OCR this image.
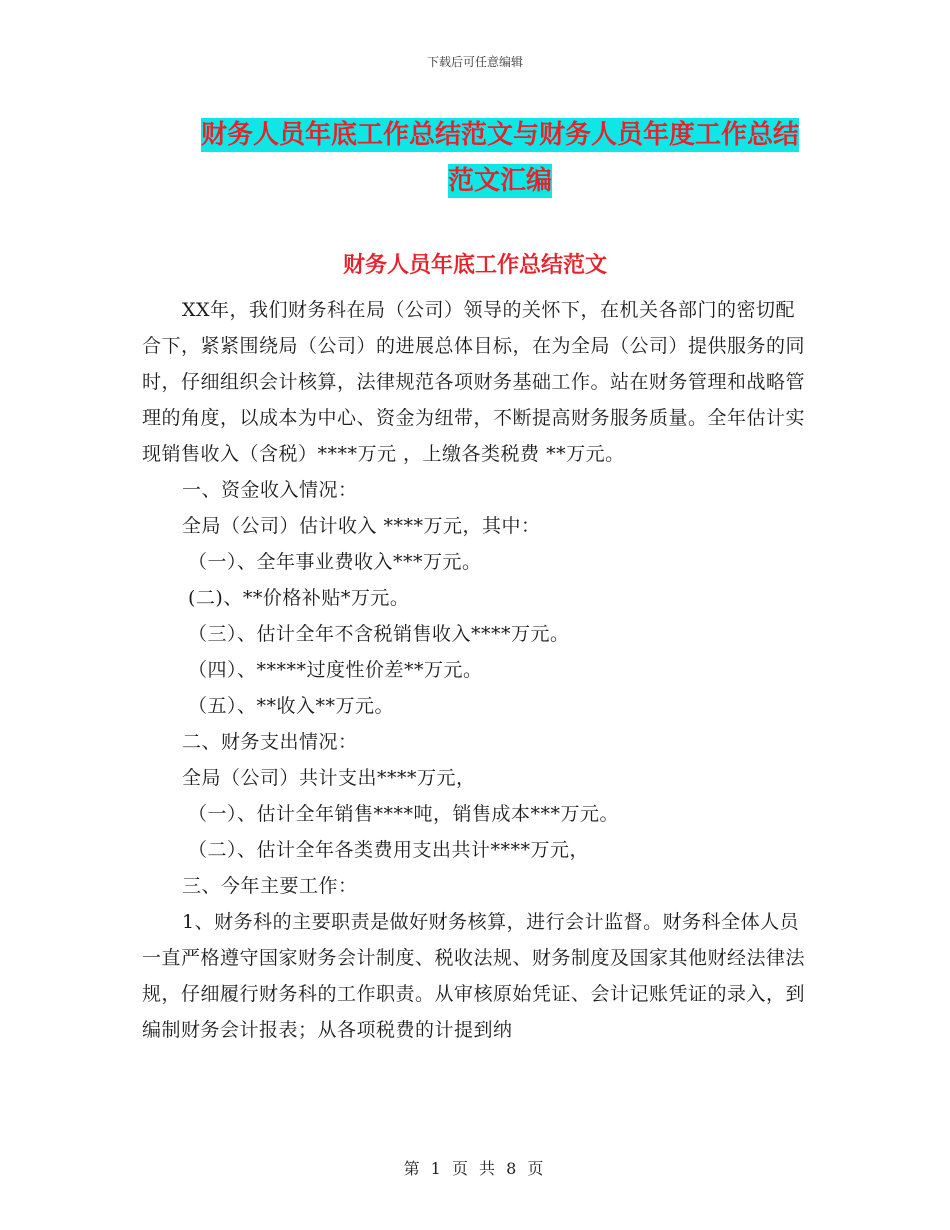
下载后可任意编辑
财务人员年底工作总结范文与财务人员年度工作总结
范文汇编
财务人员年底工作总结范文

XX年，我们财务科在局（公司）领导的关怀下，在机关各部门的密切配合下，紧紧围绕局（公司）的进展总体目标，在为全局（公司）提供服务的同时，仔细组织会计核算，法律规范各项财务基础工作。站在财务管理和战略管理的角度，以成本为中心、资金为纽带，不断提高财务服务质量。全年估计实现销售收入（含税）****万元 ，上缴各类税费 **万元。

一、资金收入情况：

全局（公司）估计收入 ****万元，其中：

（一）、全年事业费收入***万元。

(二)、**价格补贴*万元。

（三）、估计全年不含税销售收入****万元。

（四）、*****过度性价差**万元。

（五）、**收入**万元。

二、财务支出情况：

全局（公司）共计支出****万元，

（一）、估计全年销售****吨，销售成本***万元。

（二）、估计全年各类费用支出共计****万元，

三、今年主要工作：

1、财务科的主要职责是做好财务核算，进行会计监督。财务科全体人员一直严格遵守国家财务会计制度、税收法规、财务制度及国家其他财经法律法规，仔细履行财务科的工作职责。从审核原始凭证、会计记账凭证的录入，到编制财务会计报表；从各项税费的计提到纳

第 1 页 共 8 页
